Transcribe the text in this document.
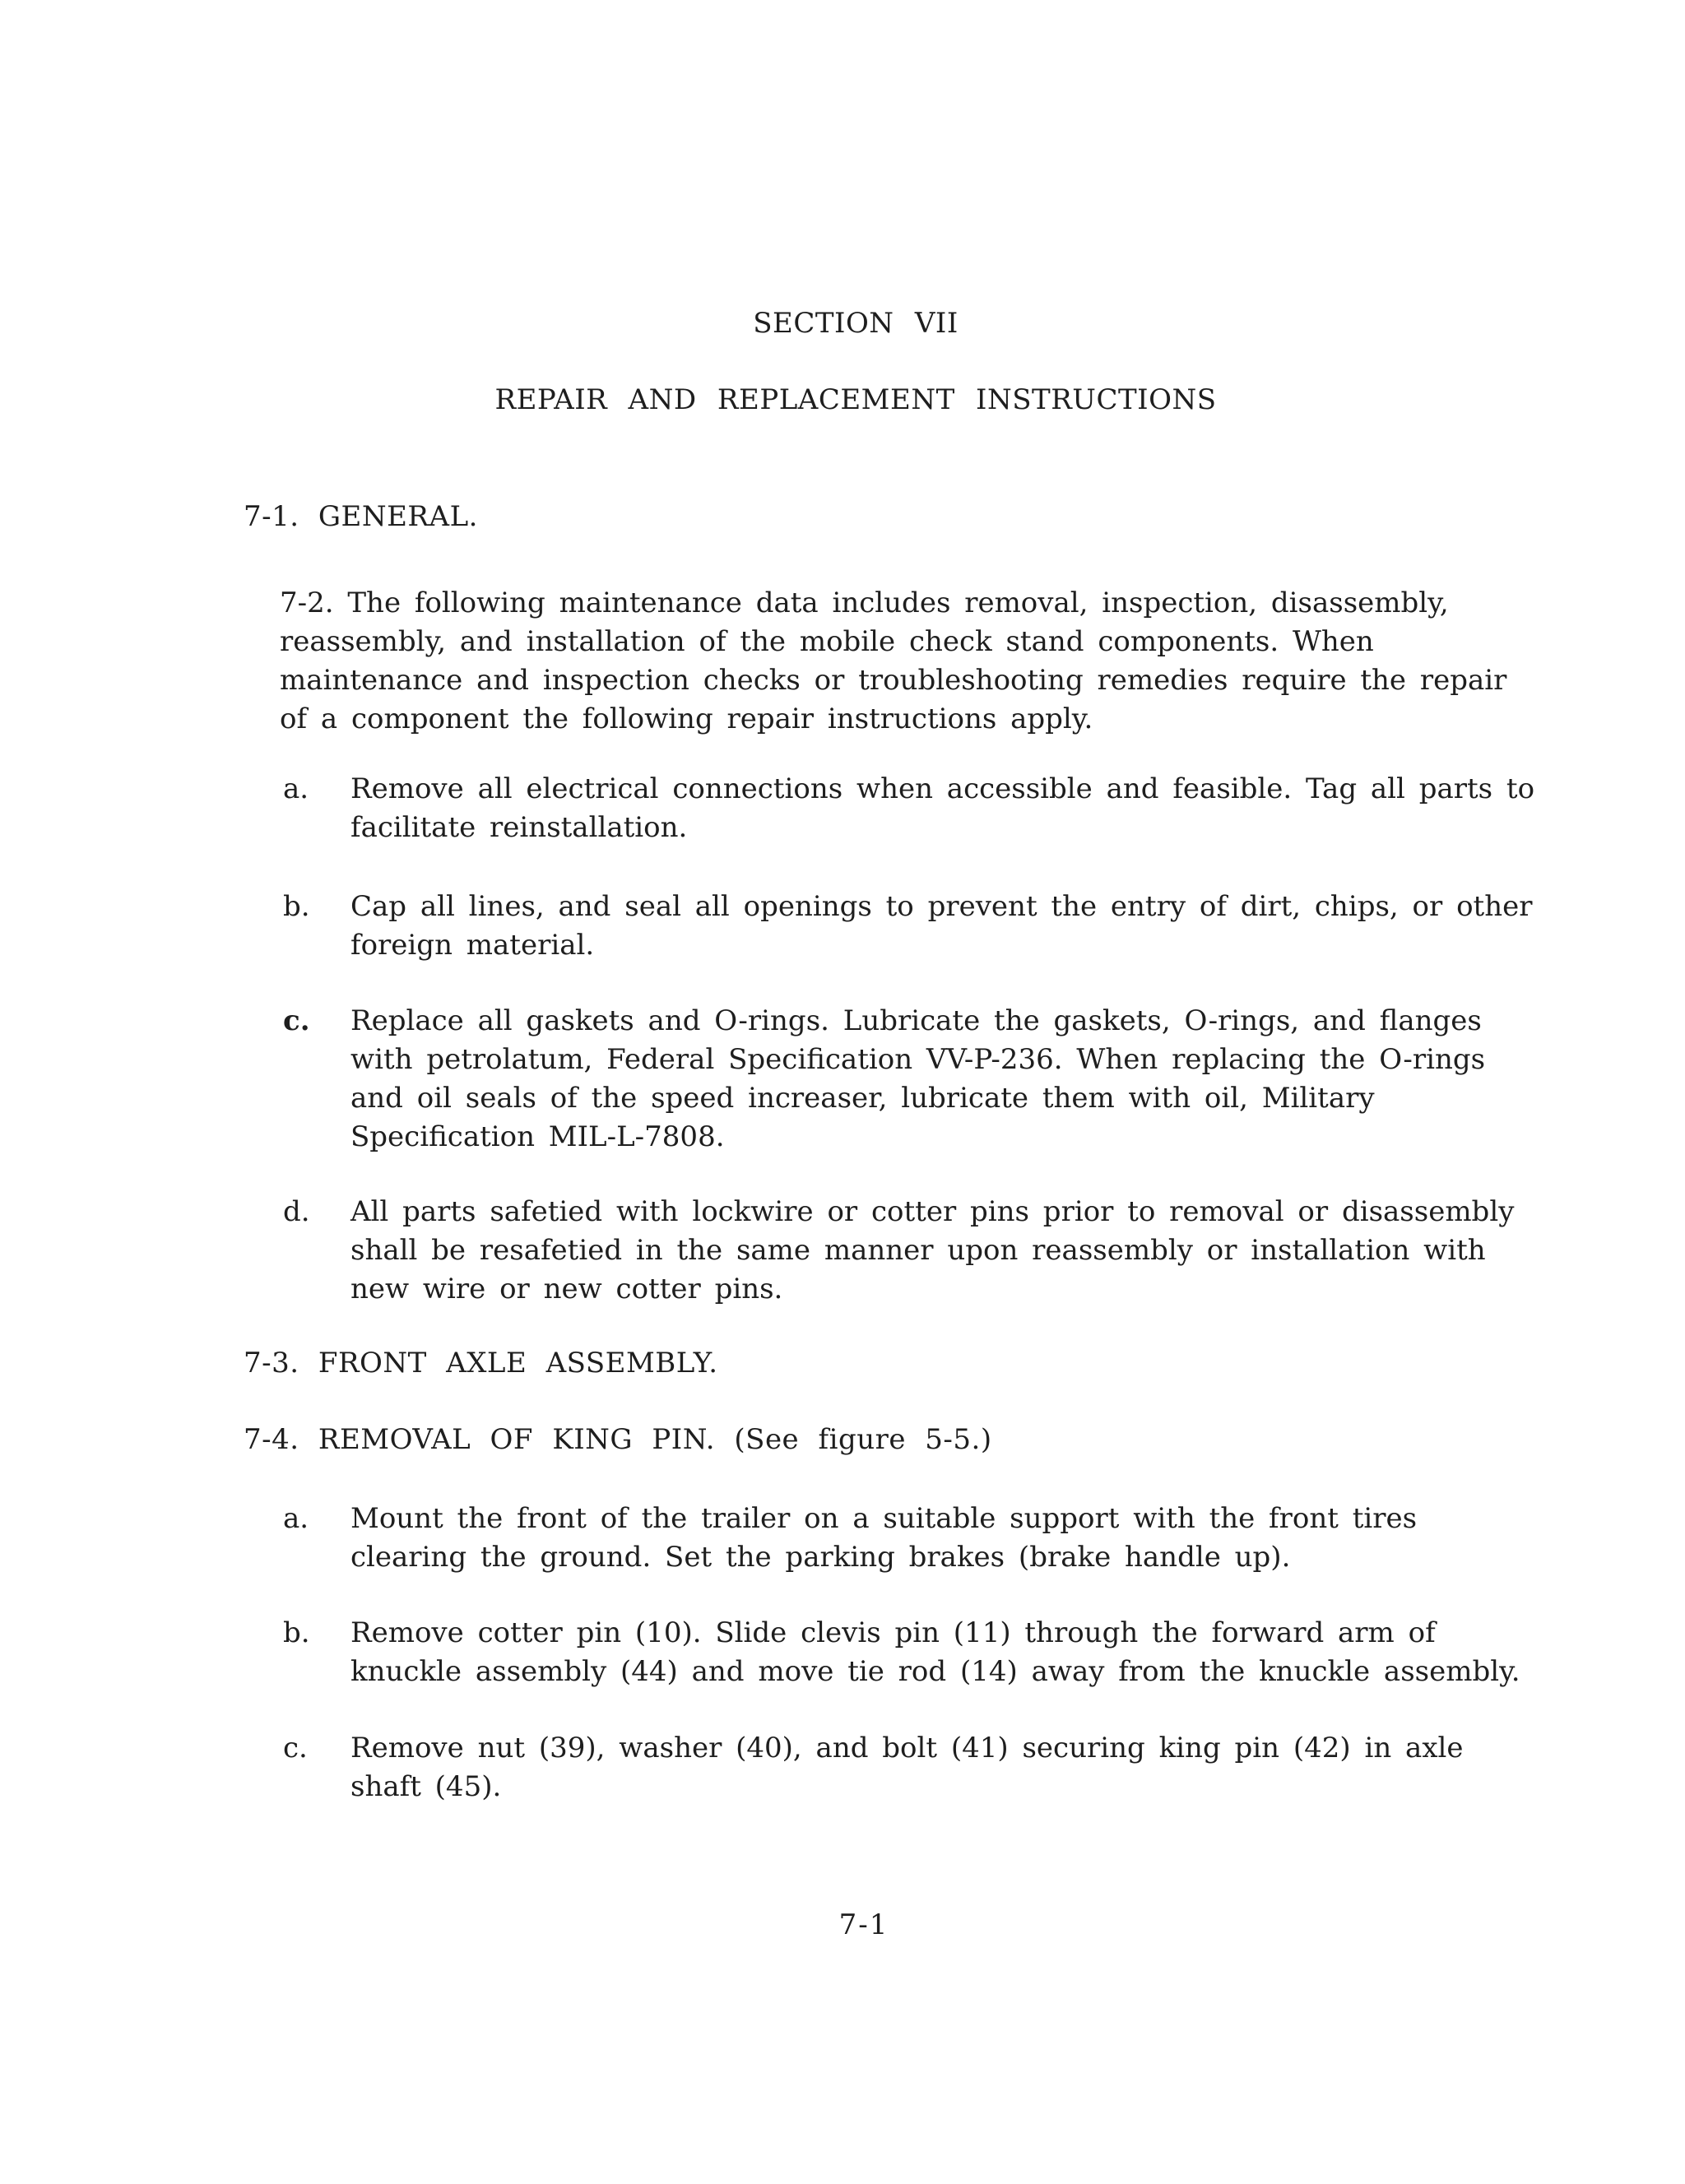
SECTION VII
REPAIR AND REPLACEMENT INSTRUCTIONS
7-1. GENERAL.
7-2. The following maintenance data includes removal, inspection, disassembly, reassembly, and installation of the mobile check stand components. When maintenance and inspection checks or troubleshooting remedies require the repair of a component the following repair instructions apply.
a. Remove all electrical connections when accessible and feasible. Tag all parts to facilitate reinstallation.
b. Cap all lines, and seal all openings to prevent the entry of dirt, chips, or other foreign material.
c. Replace all gaskets and O-rings. Lubricate the gaskets, O-rings, and flanges with petrolatum, Federal Specification VV-P-236. When replacing the O-rings and oil seals of the speed increaser, lubricate them with oil, Military Specification MIL-L-7808.
d. All parts safetied with lockwire or cotter pins prior to removal or disassembly shall be resafetied in the same manner upon reassembly or installation with new wire or new cotter pins.
7-3. FRONT AXLE ASSEMBLY.
7-4. REMOVAL OF KING PIN. (See figure 5-5.)
a. Mount the front of the trailer on a suitable support with the front tires clearing the ground. Set the parking brakes (brake handle up).
b. Remove cotter pin (10). Slide clevis pin (11) through the forward arm of knuckle assembly (44) and move tie rod (14) away from the knuckle assembly.
c. Remove nut (39), washer (40), and bolt (41) securing king pin (42) in axle shaft (45).
7-1
